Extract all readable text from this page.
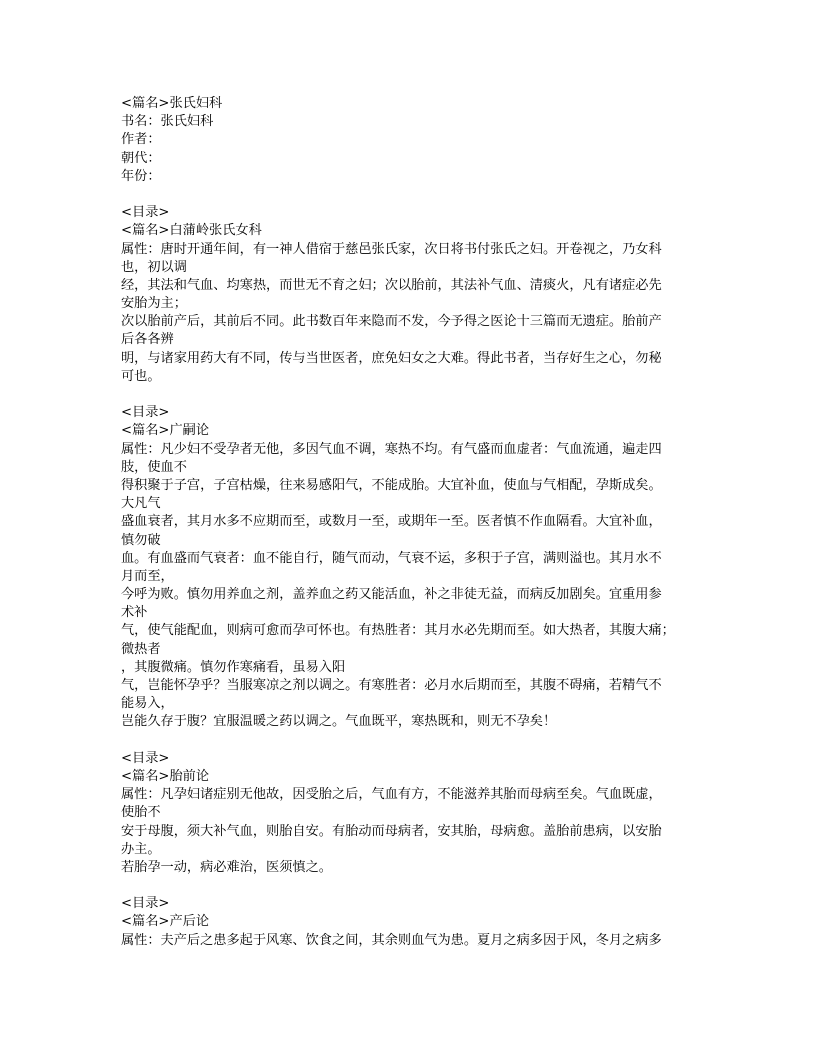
<篇名>张氏妇科
书名：张氏妇科
作者：
朝代：
年份：
<目录>
<篇名>白蒲岭张氏女科
属性：唐时开通年间，有一神人借宿于慈邑张氏家，次日将书付张氏之妇。开卷视之，乃女科
也，初以调
经，其法和气血、均寒热，而世无不育之妇；次以胎前，其法补气血、清痰火，凡有诸症必先
安胎为主；
次以胎前产后，其前后不同。此书数百年来隐而不发，今予得之医论十三篇而无遗症。胎前产
后各各辨
明，与诸家用药大有不同，传与当世医者，庶免妇女之大难。得此书者，当存好生之心，勿秘
可也。
<目录>
<篇名>广嗣论
属性：凡少妇不受孕者无他，多因气血不调，寒热不均。有气盛而血虚者：气血流通，遍走四
肢，使血不
得积聚于子宫，子宫枯燥，往来易感阳气，不能成胎。大宜补血，使血与气相配，孕斯成矣。
大凡气
盛血衰者，其月水多不应期而至，或数月一至，或期年一至。医者慎不作血隔看。大宜补血，
慎勿破
血。有血盛而气衰者：血不能自行，随气而动，气衰不运，多积于子宫，满则溢也。其月水不
月而至，
今呼为败。慎勿用养血之剂，盖养血之药又能活血，补之非徒无益，而病反加剧矣。宜重用参
术补
气，使气能配血，则病可愈而孕可怀也。有热胜者：其月水必先期而至。如大热者，其腹大痛；
微热者
，其腹微痛。慎勿作寒痛看，虽易入阳
气，岂能怀孕乎？当服寒凉之剂以调之。有寒胜者：必月水后期而至，其腹不碍痛，若精气不
能易入，
岂能久存于腹？宜服温暖之药以调之。气血既平，寒热既和，则无不孕矣！
<目录>
<篇名>胎前论
属性：凡孕妇诸症别无他故，因受胎之后，气血有方，不能滋养其胎而母病至矣。气血既虚，
使胎不
安于母腹，须大补气血，则胎自安。有胎动而母病者，安其胎，母病愈。盖胎前患病，以安胎
办主。
若胎孕一动，病必难治，医须慎之。
<目录>
<篇名>产后论
属性：夫产后之患多起于风寒、饮食之间，其余则血气为患。夏月之病多因于风，冬月之病多
